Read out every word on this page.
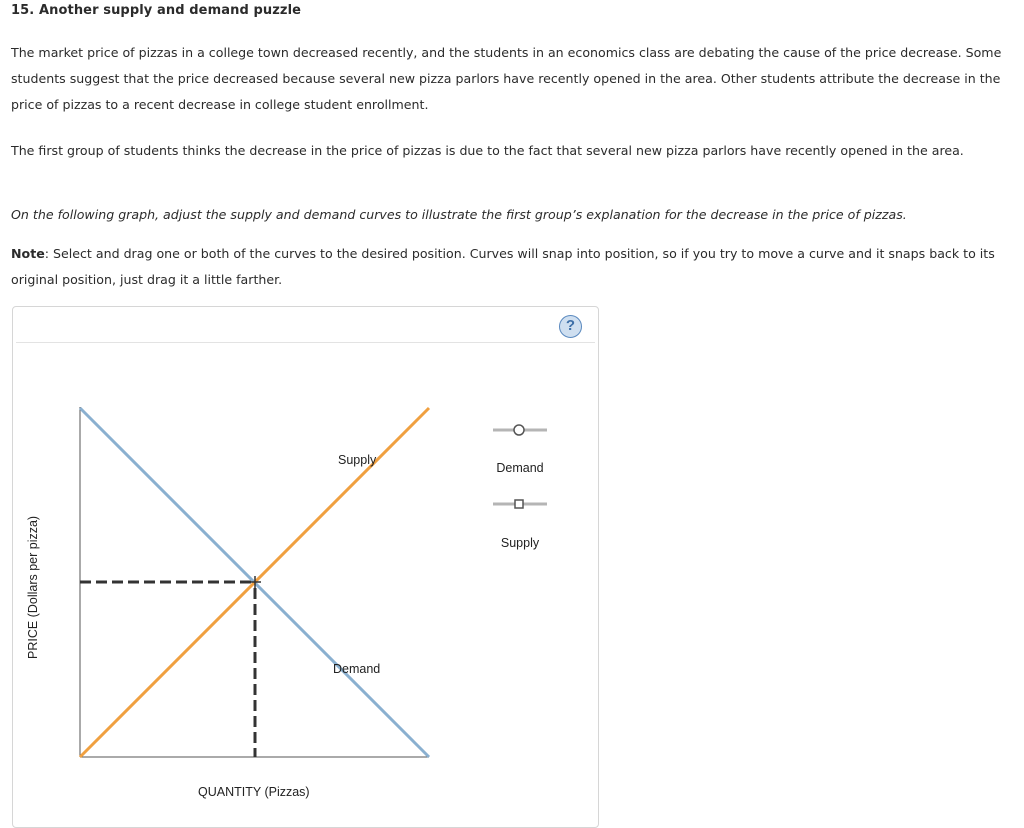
15. Another supply and demand puzzle

The market price of pizzas in a college town decreased recently, and the students in an economics class are debating the cause of the price decrease. Some students suggest that the price decreased because several new pizza parlors have recently opened in the area. Other students attribute the decrease in the price of pizzas to a recent decrease in college student enrollment.

The first group of students thinks the decrease in the price of pizzas is due to the fact that several new pizza parlors have recently opened in the area.

On the following graph, adjust the supply and demand curves to illustrate the first group’s explanation for the decrease in the price of pizzas.

Note: Select and drag one or both of the curves to the desired position. Curves will snap into position, so if you try to move a curve and it snaps back to its original position, just drag it a little farther.

?
Supply
Demand
QUANTITY (Pizzas)
PRICE (Dollars per pizza)
Demand
Supply
